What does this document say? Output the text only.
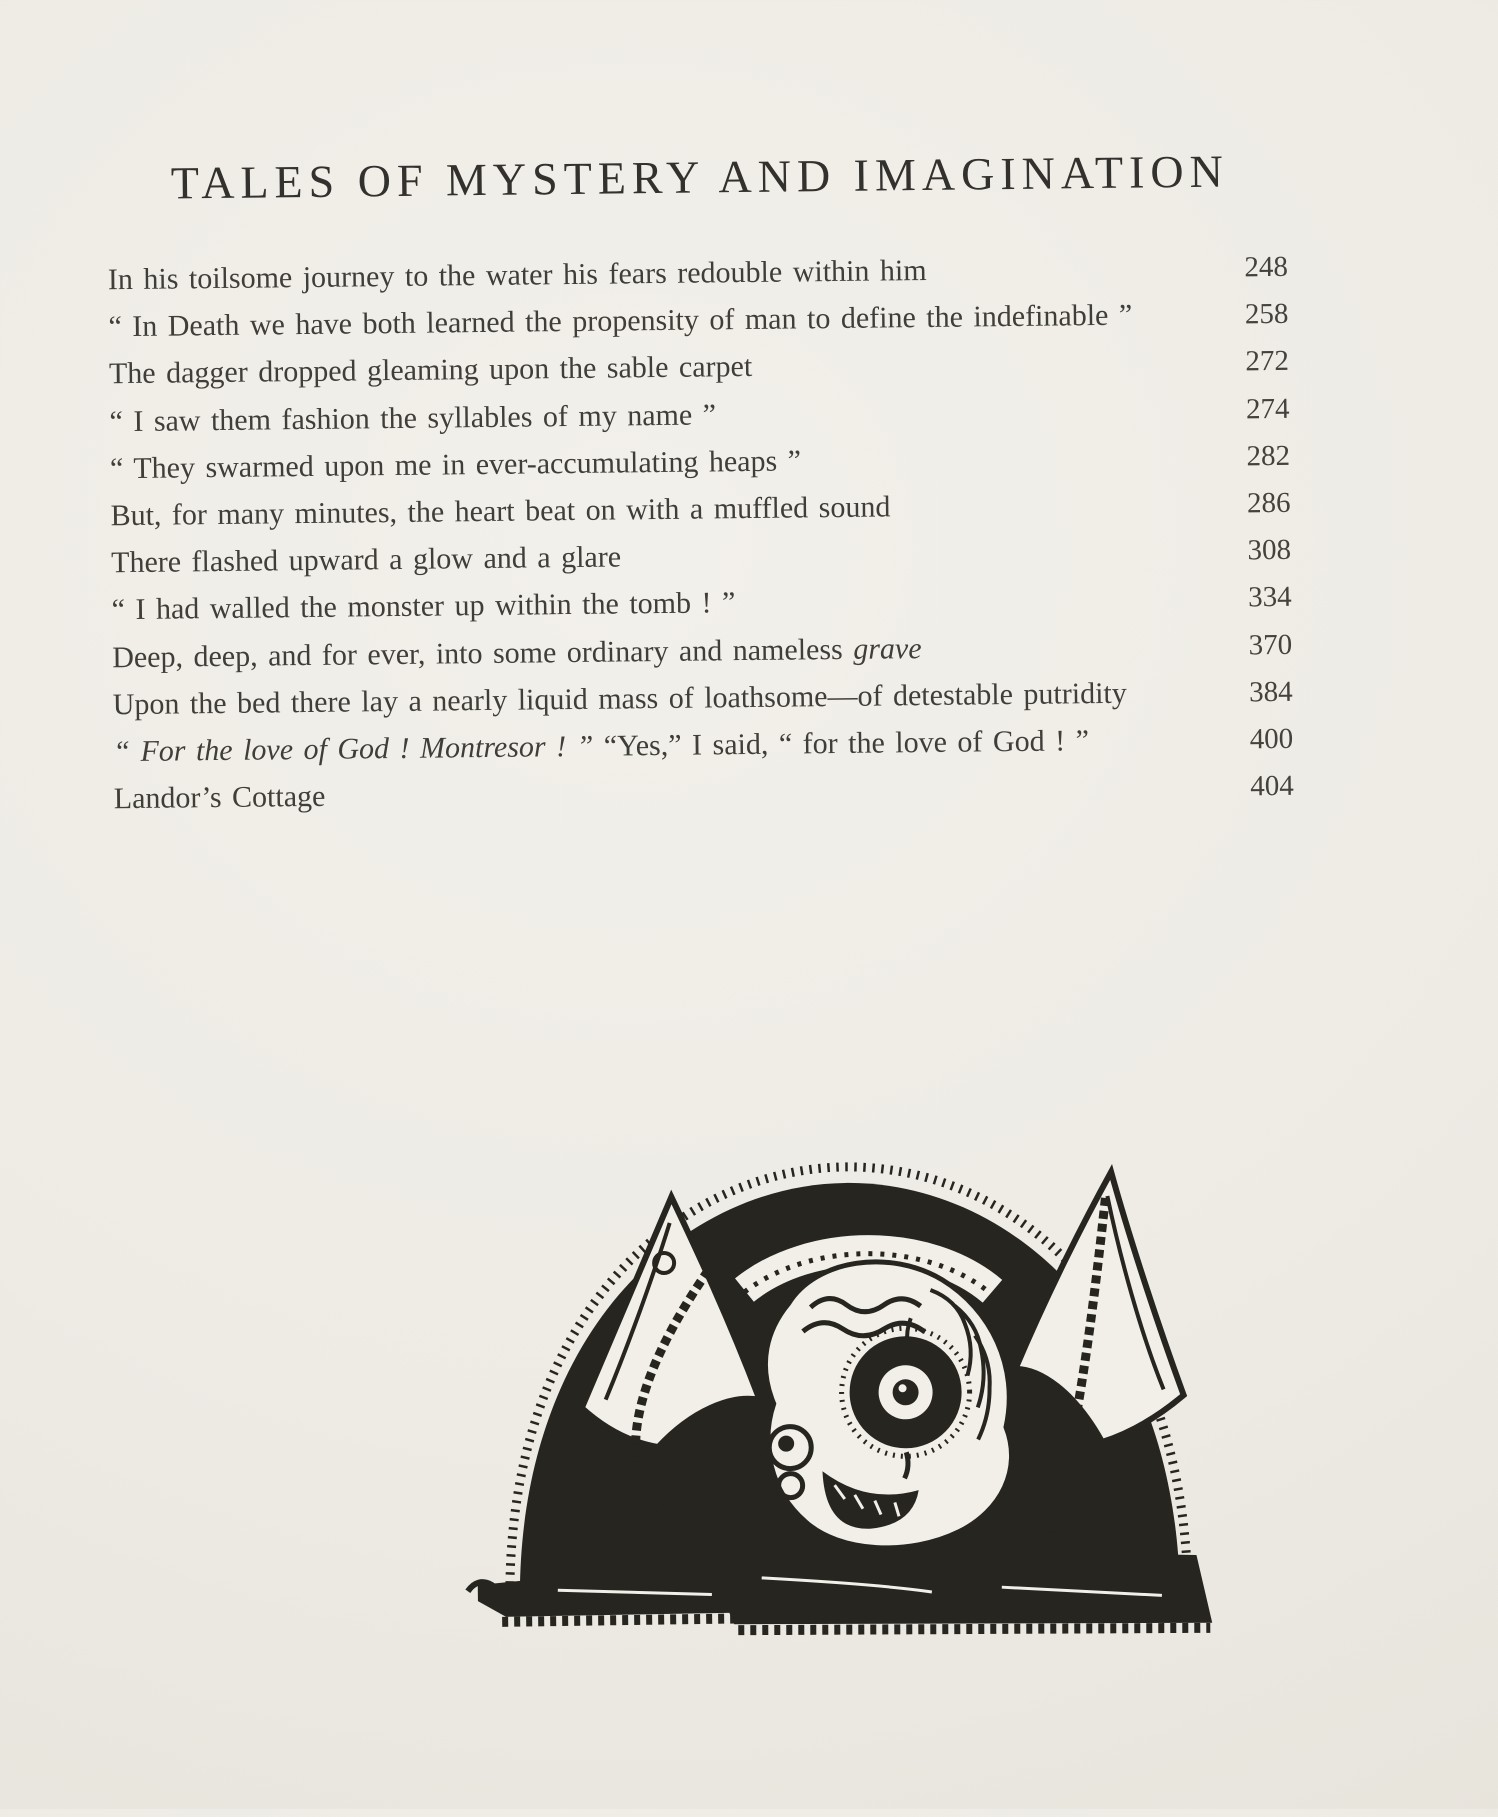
TALES OF MYSTERY AND IMAGINATION
In his toilsome journey to the water his fears redouble within him	248
“ In Death we have both learned the propensity of man to define the indefinable ”	258
The dagger dropped gleaming upon the sable carpet	272
“ I saw them fashion the syllables of my name ”	274
“ They swarmed upon me in ever-accumulating heaps ”	282
But, for many minutes, the heart beat on with a muffled sound	286
There flashed upward a glow and a glare	308
“ I had walled the monster up within the tomb ! ”	334
Deep, deep, and for ever, into some ordinary and nameless grave	370
Upon the bed there lay a nearly liquid mass of loathsome—of detestable putridity	384
“ For the love of God ! Montresor ! ” “Yes,” I said, “ for the love of God ! ”	400
Landor’s Cottage	404
